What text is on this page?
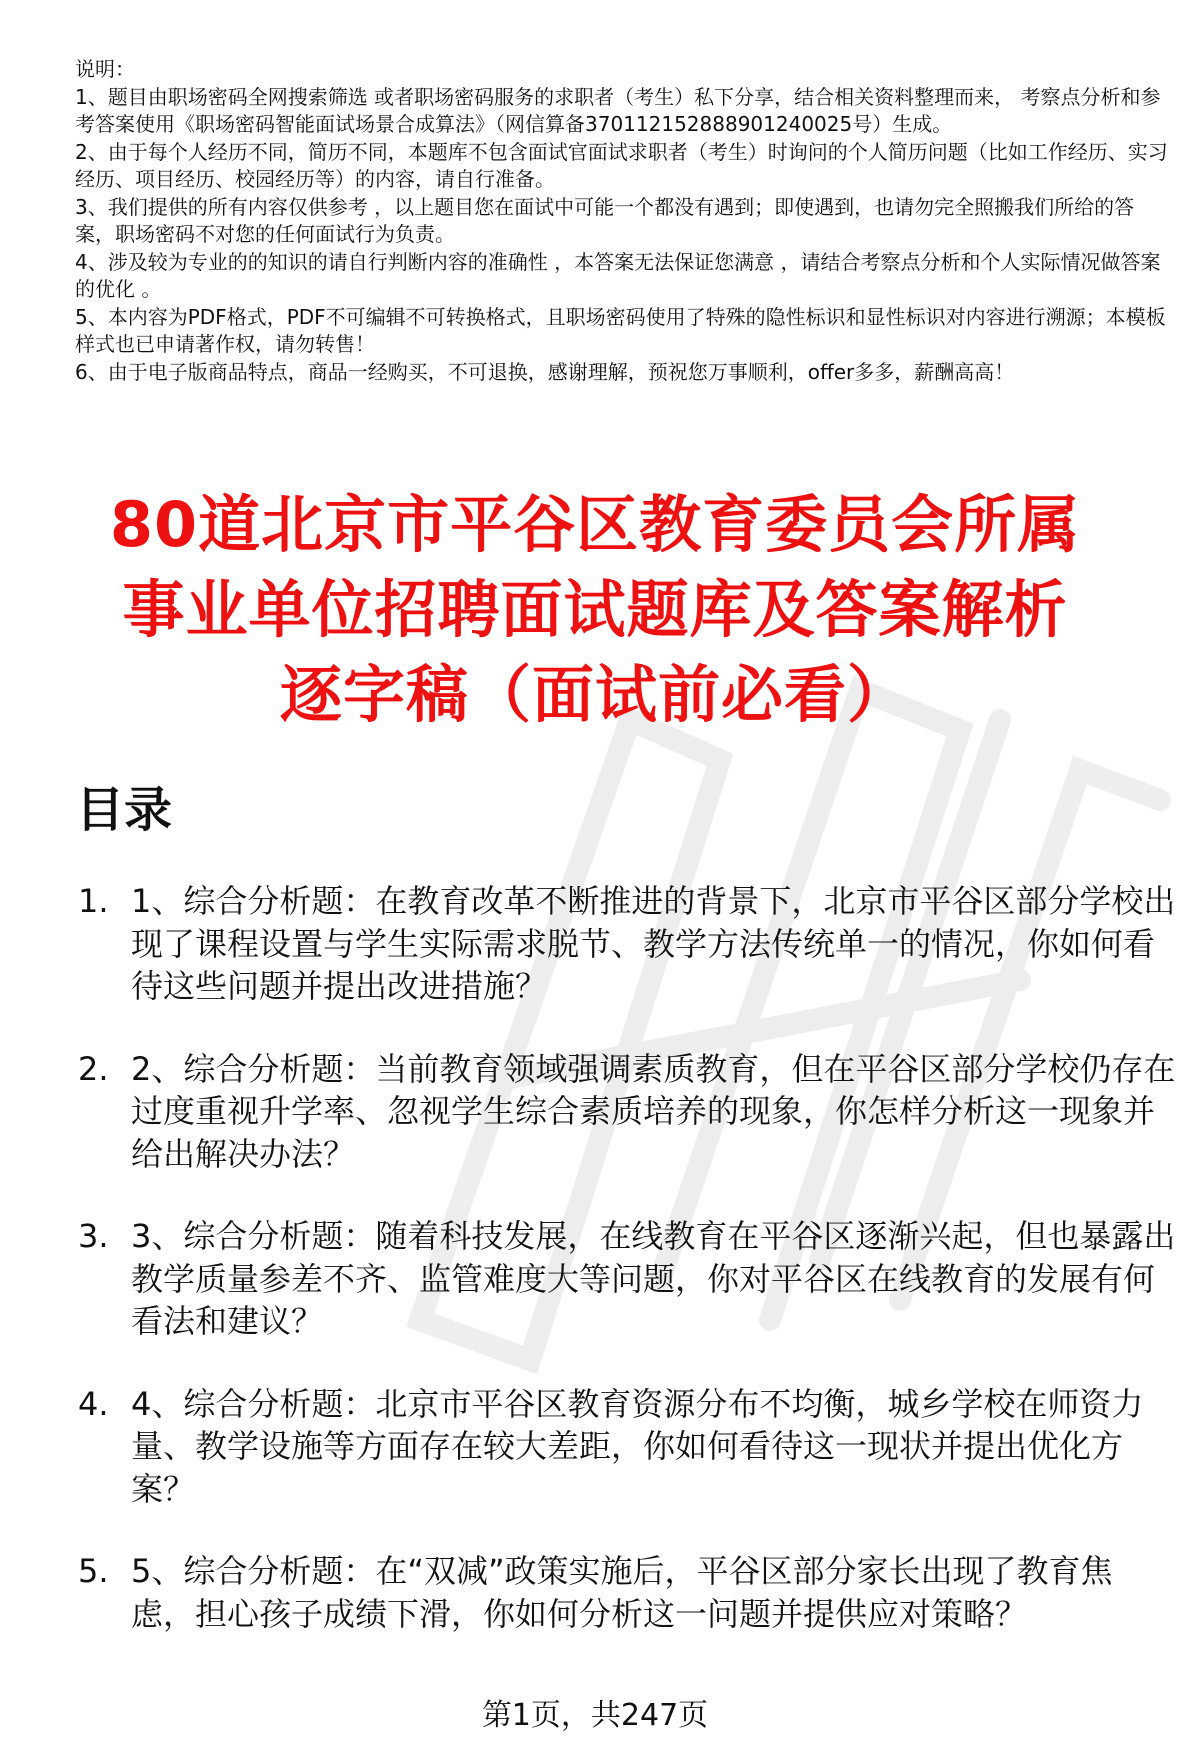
说明：

1、题目由职场密码全网搜索筛选 或者职场密码服务的求职者（考生）私下分享，结合相关资料整理而来， 考察点分析和参考答案使用《职场密码智能面试场景合成算法》（网信算备370112152888901240025号）生成。

2、由于每个人经历不同，简历不同，本题库不包含面试官面试求职者（考生）时询问的个人简历问题（比如工作经历、实习经历、项目经历、校园经历等）的内容，请自行准备。

3、我们提供的所有内容仅供参考 ，以上题目您在面试中可能一个都没有遇到；即使遇到，也请勿完全照搬我们所给的答案，职场密码不对您的任何面试行为负责。

4、涉及较为专业的的知识的请自行判断内容的准确性 ，本答案无法保证您满意 ，请结合考察点分析和个人实际情况做答案的优化 。

5、本内容为PDF格式，PDF不可编辑不可转换格式，且职场密码使用了特殊的隐性标识和显性标识对内容进行溯源；本模板样式也已申请著作权，请勿转售！

6、由于电子版商品特点，商品一经购买，不可退换，感谢理解，预祝您万事顺利，offer多多，薪酬高高！

80道北京市平谷区教育委员会所属
事业单位招聘面试题库及答案解析
逐字稿（面试前必看）
目录
1. 1、综合分析题：在教育改革不断推进的背景下，北京市平谷区部分学校出现了课程设置与学生实际需求脱节、教学方法传统单一的情况，你如何看待这些问题并提出改进措施？
2. 2、综合分析题：当前教育领域强调素质教育，但在平谷区部分学校仍存在过度重视升学率、忽视学生综合素质培养的现象，你怎样分析这一现象并给出解决办法？
3. 3、综合分析题：随着科技发展，在线教育在平谷区逐渐兴起，但也暴露出教学质量参差不齐、监管难度大等问题，你对平谷区在线教育的发展有何看法和建议？
4. 4、综合分析题：北京市平谷区教育资源分布不均衡，城乡学校在师资力量、教学设施等方面存在较大差距，你如何看待这一现状并提出优化方案？
5. 5、综合分析题：在“双减”政策实施后，平谷区部分家长出现了教育焦虑，担心孩子成绩下滑，你如何分析这一问题并提供应对策略？
第1页，共247页
